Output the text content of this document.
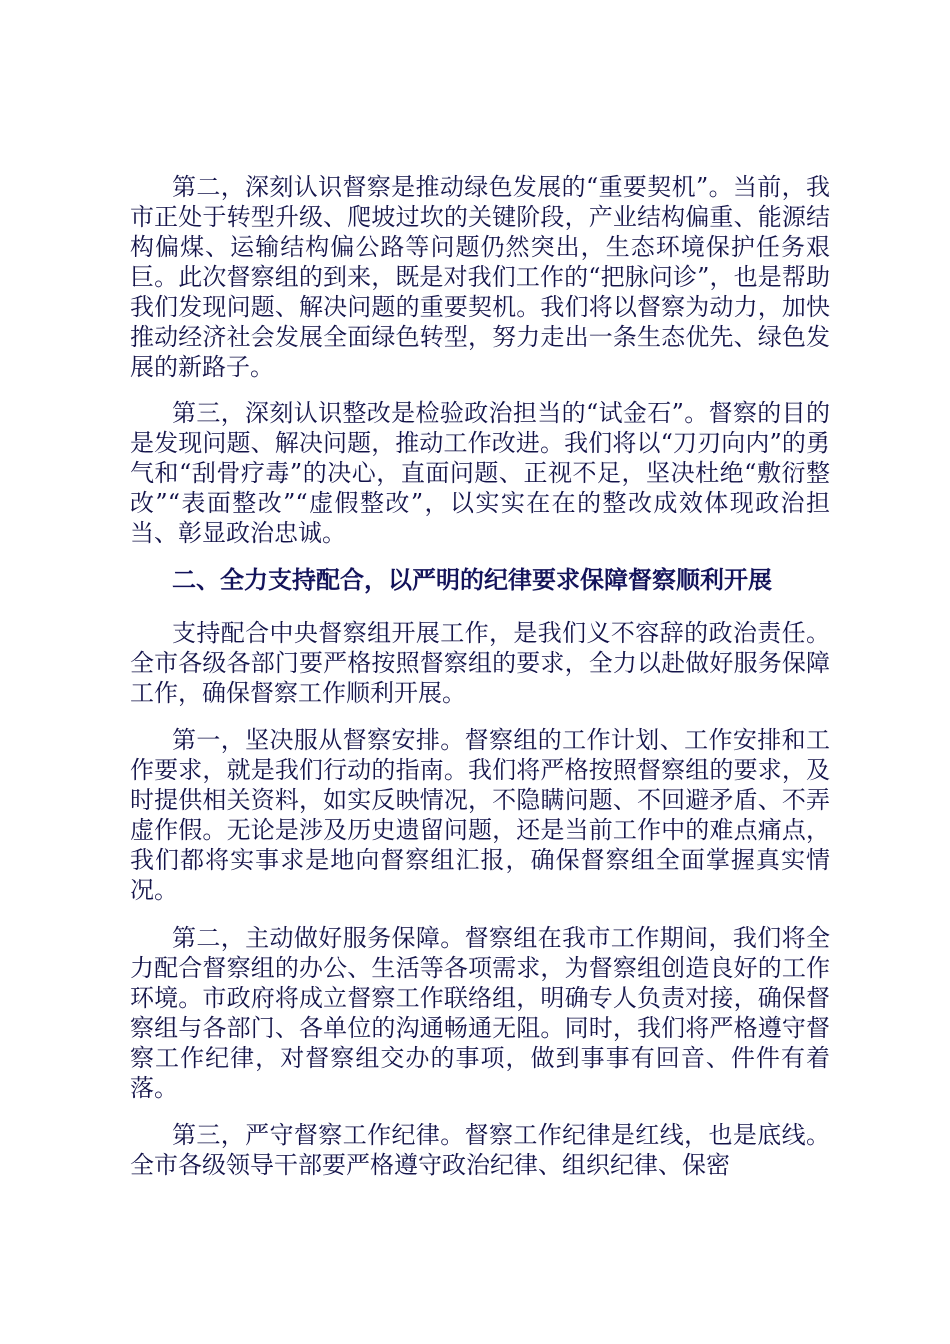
第二，深刻认识督察是推动绿色发展的“重要契机”。当前，我市正处于转型升级、爬坡过坎的关键阶段，产业结构偏重、能源结构偏煤、运输结构偏公路等问题仍然突出，生态环境保护任务艰巨。此次督察组的到来，既是对我们工作的“把脉问诊”，也是帮助我们发现问题、解决问题的重要契机。我们将以督察为动力，加快推动经济社会发展全面绿色转型，努力走出一条生态优先、绿色发展的新路子。

第三，深刻认识整改是检验政治担当的“试金石”。督察的目的是发现问题、解决问题，推动工作改进。我们将以“刀刃向内”的勇气和“刮骨疗毒”的决心，直面问题、正视不足，坚决杜绝“敷衍整改”“表面整改”“虚假整改”，以实实在在的整改成效体现政治担当、彰显政治忠诚。

二、全力支持配合，以严明的纪律要求保障督察顺利开展

支持配合中央督察组开展工作，是我们义不容辞的政治责任。全市各级各部门要严格按照督察组的要求，全力以赴做好服务保障工作，确保督察工作顺利开展。

第一，坚决服从督察安排。督察组的工作计划、工作安排和工作要求，就是我们行动的指南。我们将严格按照督察组的要求，及时提供相关资料，如实反映情况，不隐瞒问题、不回避矛盾、不弄虚作假。无论是涉及历史遗留问题，还是当前工作中的难点痛点，我们都将实事求是地向督察组汇报，确保督察组全面掌握真实情况。

第二，主动做好服务保障。督察组在我市工作期间，我们将全力配合督察组的办公、生活等各项需求，为督察组创造良好的工作环境。市政府将成立督察工作联络组，明确专人负责对接，确保督察组与各部门、各单位的沟通畅通无阻。同时，我们将严格遵守督察工作纪律，对督察组交办的事项，做到事事有回音、件件有着落。

第三，严守督察工作纪律。督察工作纪律是红线，也是底线。全市各级领导干部要严格遵守政治纪律、组织纪律、保密
